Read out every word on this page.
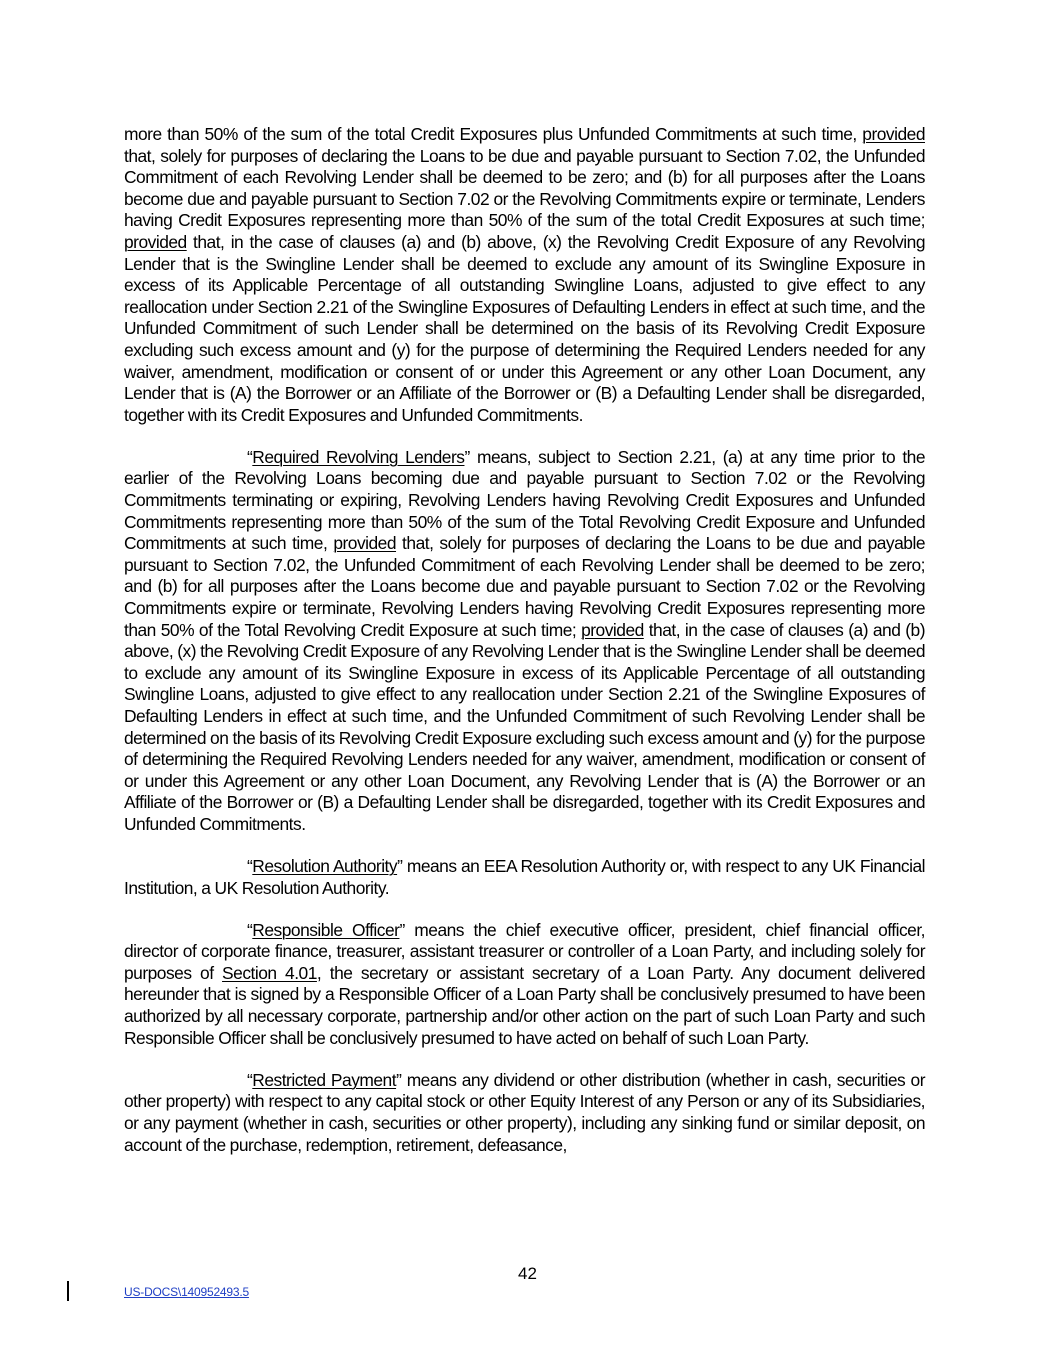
more than 50% of the sum of the total Credit Exposures plus Unfunded Commitments at such time, provided that, solely for purposes of declaring the Loans to be due and payable pursuant to Section 7.02, the Unfunded Commitment of each Revolving Lender shall be deemed to be zero; and (b) for all purposes after the Loans become due and payable pursuant to Section 7.02 or the Revolving Commitments expire or terminate, Lenders having Credit Exposures representing more than 50% of the sum of the total Credit Exposures at such time; provided that, in the case of clauses (a) and (b) above, (x) the Revolving Credit Exposure of any Revolving Lender that is the Swingline Lender shall be deemed to exclude any amount of its Swingline Exposure in excess of its Applicable Percentage of all outstanding Swingline Loans, adjusted to give effect to any reallocation under Section 2.21 of the Swingline Exposures of Defaulting Lenders in effect at such time, and the Unfunded Commitment of such Lender shall be determined on the basis of its Revolving Credit Exposure excluding such excess amount and (y) for the purpose of determining the Required Lenders needed for any waiver, amendment, modification or consent of or under this Agreement or any other Loan Document, any Lender that is (A) the Borrower or an Affiliate of the Borrower or (B) a Defaulting Lender shall be disregarded, together with its Credit Exposures and Unfunded Commitments.

“Required Revolving Lenders” means, subject to Section 2.21, (a) at any time prior to the earlier of the Revolving Loans becoming due and payable pursuant to Section 7.02 or the Revolving Commitments terminating or expiring, Revolving Lenders having Revolving Credit Exposures and Unfunded Commitments representing more than 50% of the sum of the Total Revolving Credit Exposure and Unfunded Commitments at such time, provided that, solely for purposes of declaring the Loans to be due and payable pursuant to Section 7.02, the Unfunded Commitment of each Revolving Lender shall be deemed to be zero; and (b) for all purposes after the Loans become due and payable pursuant to Section 7.02 or the Revolving Commitments expire or terminate, Revolving Lenders having Revolving Credit Exposures representing more than 50% of the Total Revolving Credit Exposure at such time; provided that, in the case of clauses (a) and (b) above, (x) the Revolving Credit Exposure of any Revolving Lender that is the Swingline Lender shall be deemed to exclude any amount of its Swingline Exposure in excess of its Applicable Percentage of all outstanding Swingline Loans, adjusted to give effect to any reallocation under Section 2.21 of the Swingline Exposures of Defaulting Lenders in effect at such time, and the Unfunded Commitment of such Revolving Lender shall be determined on the basis of its Revolving Credit Exposure excluding such excess amount and (y) for the purpose of determining the Required Revolving Lenders needed for any waiver, amendment, modification or consent of or under this Agreement or any other Loan Document, any Revolving Lender that is (A) the Borrower or an Affiliate of the Borrower or (B) a Defaulting Lender shall be disregarded, together with its Credit Exposures and Unfunded Commitments.

“Resolution Authority” means an EEA Resolution Authority or, with respect to any UK Financial Institution, a UK Resolution Authority.

“Responsible Officer” means the chief executive officer, president, chief financial officer, director of corporate finance, treasurer, assistant treasurer or controller of a Loan Party, and including solely for purposes of Section 4.01, the secretary or assistant secretary of a Loan Party. Any document delivered hereunder that is signed by a Responsible Officer of a Loan Party shall be conclusively presumed to have been authorized by all necessary corporate, partnership and/or other action on the part of such Loan Party and such Responsible Officer shall be conclusively presumed to have acted on behalf of such Loan Party.

“Restricted Payment” means any dividend or other distribution (whether in cash, securities or other property) with respect to any capital stock or other Equity Interest of any Person or any of its Subsidiaries, or any payment (whether in cash, securities or other property), including any sinking fund or similar deposit, on account of the purchase, redemption, retirement, defeasance,

42
US-DOCS\140952493.5
